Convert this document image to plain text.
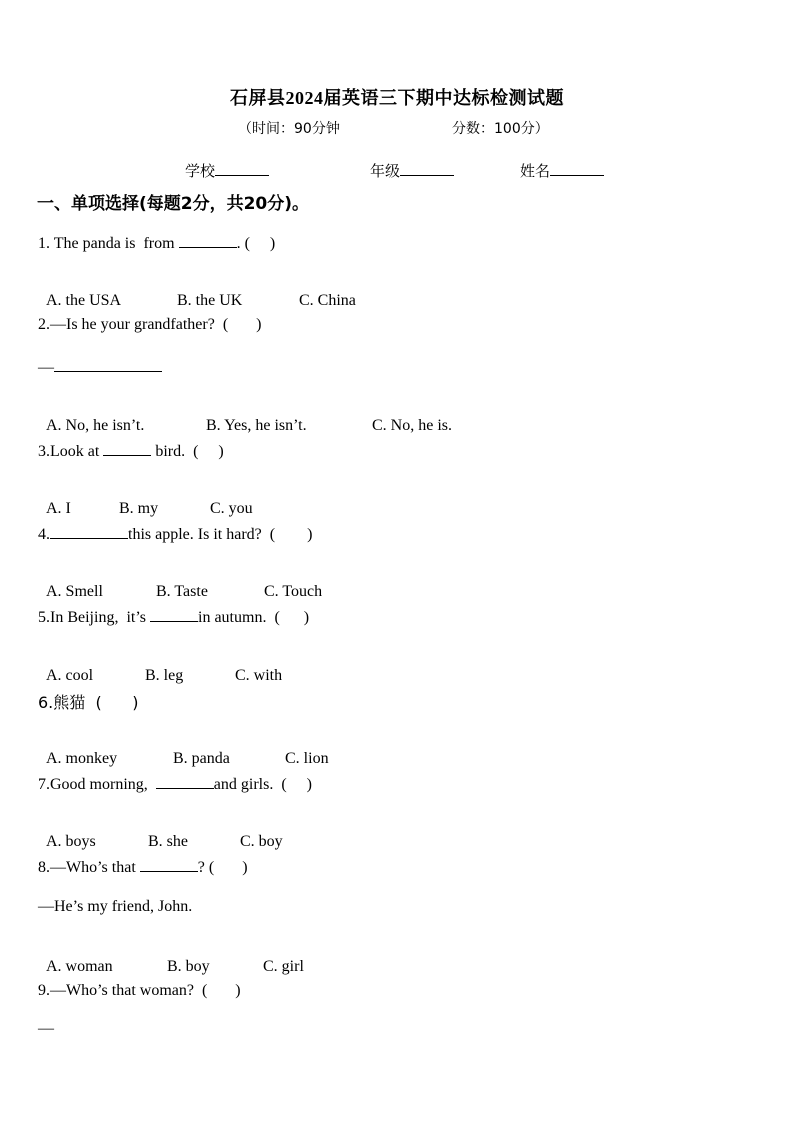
石屏县2024届英语三下期中达标检测试题
（时间：90分钟	分数：100分）
学校	年级	姓名
一、单项选择(每题2分，共20分)。
1. The panda is  from	. (     )

A. the USA	B. the UK	C. China

2.—Is he your grandfather?  (       )
—

A. No, he isn’t.	B. Yes, he isn’t.	C. No, he is.

3.Look at	bird.  (     )

A. I	B. my	C. you

4.	this apple. Is it hard?  (        )

A. Smell	B. Taste	C. Touch

5.In Beijing,  it’s	in autumn.  (      )

A. cool	B. leg	C. with

6.熊猫  (      )

A. monkey	B. panda	C. lion

7.Good morning,	and girls.  (     )

A. boys	B. she	C. boy

8.—Who’s that	? (       )
—He’s my friend, John.

A. woman	B. boy	C. girl

9.—Who’s that woman?  (       )
—
